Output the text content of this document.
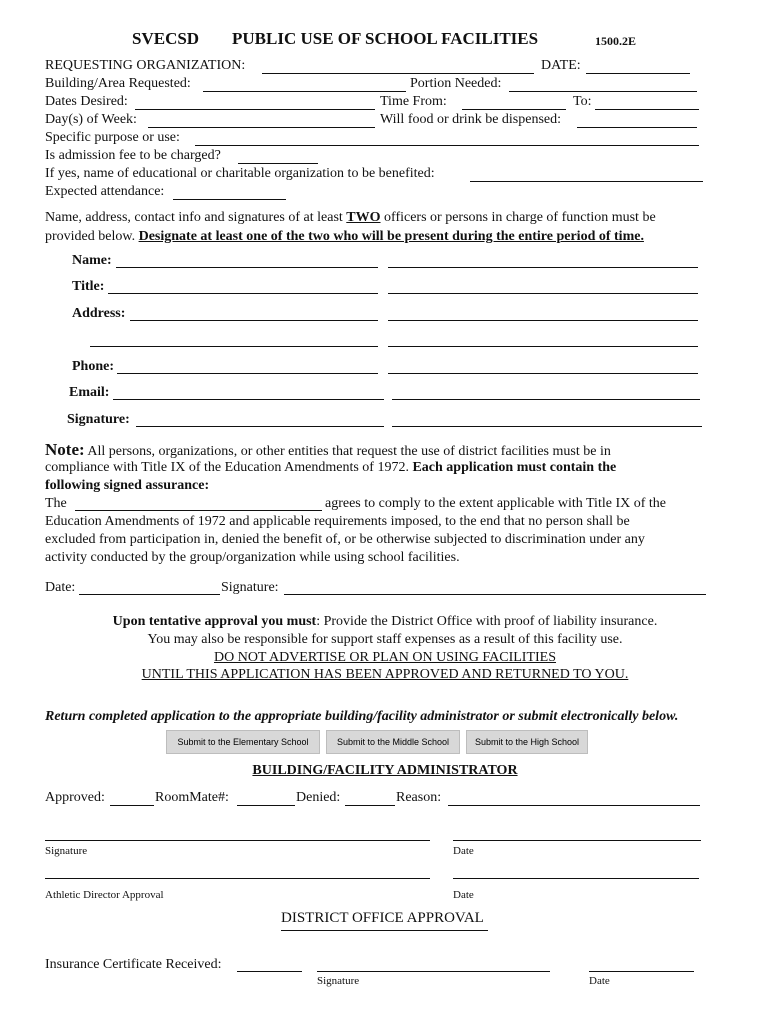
SVECSD PUBLIC USE OF SCHOOL FACILITIES	1500.2E
REQUESTING ORGANIZATION:	DATE:
Building/Area Requested:	Portion Needed:
Dates Desired:	Time From:	To:
Day(s) of Week:	Will food or drink be dispensed:
Specific purpose or use:
Is admission fee to be charged?
If yes, name of educational or charitable organization to be benefited:
Expected attendance:
Name, address, contact info and signatures of at least TWO officers or persons in charge of function must be
provided below. Designate at least one of the two who will be present during the entire period of time.
Name:
Title:
Address:
Phone:
Email:
Signature:
Note: All persons, organizations, or other entities that request the use of district facilities must be in
compliance with Title IX of the Education Amendments of 1972. Each application must contain the
following signed assurance:
The	agrees to comply to the extent applicable with Title IX of the
Education Amendments of 1972 and applicable requirements imposed, to the end that no person shall be
excluded from participation in, denied the benefit of, or be otherwise subjected to discrimination under any
activity conducted by the group/organization while using school facilities.
Date:	Signature:
Upon tentative approval you must: Provide the District Office with proof of liability insurance.
You may also be responsible for support staff expenses as a result of this facility use.
DO NOT ADVERTISE OR PLAN ON USING FACILITIES
UNTIL THIS APPLICATION HAS BEEN APPROVED AND RETURNED TO YOU.
Return completed application to the appropriate building/facility administrator or submit electronically below.
Submit to the Elementary School	Submit to the Middle School	Submit to the High School
BUILDING/FACILITY ADMINISTRATOR
Approved:	RoomMate#:	Denied:	Reason:
Signature	Date
Athletic Director Approval	Date
DISTRICT OFFICE APPROVAL
Insurance Certificate Received:
Signature	Date
